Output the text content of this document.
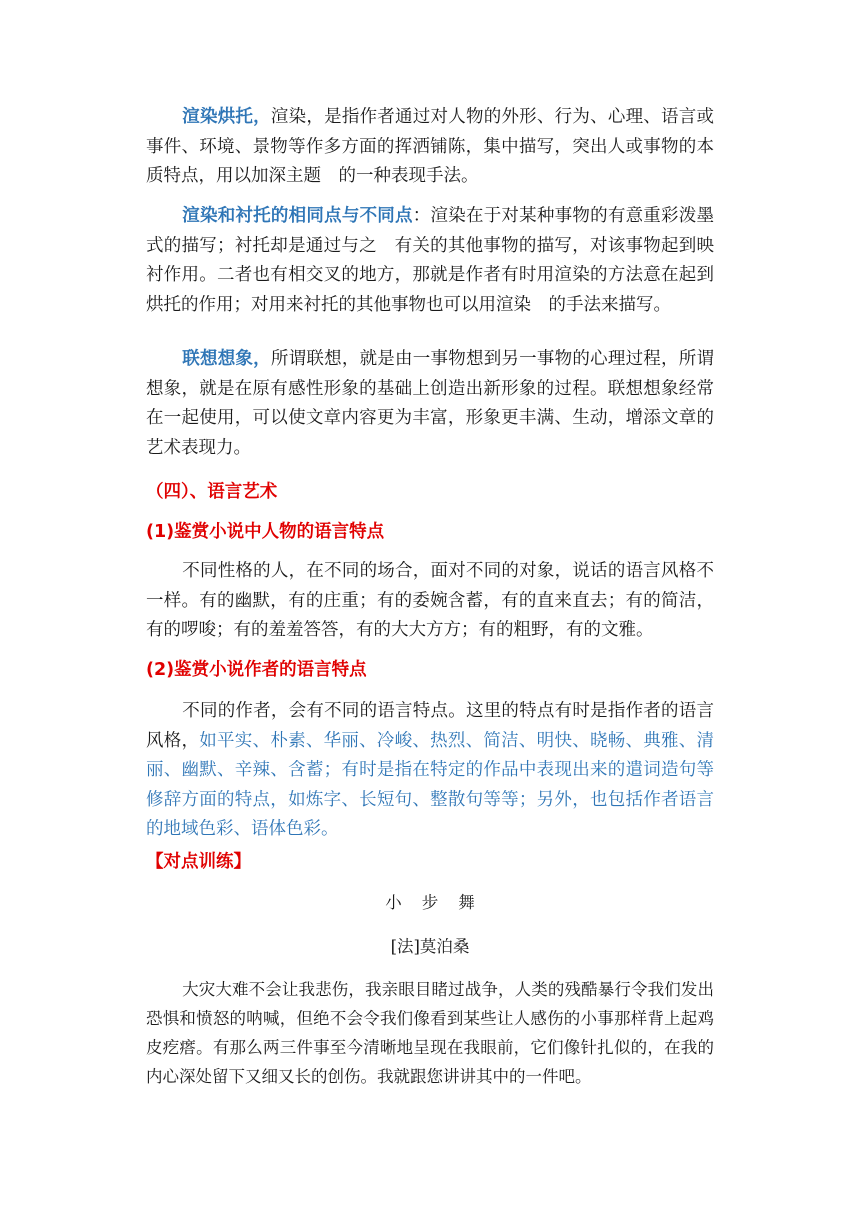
渲染烘托，渲染，是指作者通过对人物的外形、行为、心理、语言或事件、环境、景物等作多方面的挥洒铺陈，集中描写，突出人或事物的本质特点，用以加深主题　的一种表现手法。

渲染和衬托的相同点与不同点：渲染在于对某种事物的有意重彩泼墨式的描写；衬托却是通过与之　有关的其他事物的描写，对该事物起到映衬作用。二者也有相交叉的地方，那就是作者有时用渲染的方法意在起到烘托的作用；对用来衬托的其他事物也可以用渲染　的手法来描写。

联想想象，所谓联想，就是由一事物想到另一事物的心理过程，所谓想象，就是在原有感性形象的基础上创造出新形象的过程。联想想象经常在一起使用，可以使文章内容更为丰富，形象更丰满、生动，增添文章的艺术表现力。

（四）、语言艺术

(1)鉴赏小说中人物的语言特点

不同性格的人，在不同的场合，面对不同的对象，说话的语言风格不一样。有的幽默，有的庄重；有的委婉含蓄，有的直来直去；有的简洁，有的啰唆；有的羞羞答答，有的大大方方；有的粗野，有的文雅。

(2)鉴赏小说作者的语言特点

不同的作者，会有不同的语言特点。这里的特点有时是指作者的语言风格，如平实、朴素、华丽、冷峻、热烈、简洁、明快、晓畅、典雅、清丽、幽默、辛辣、含蓄；有时是指在特定的作品中表现出来的遣词造句等修辞方面的特点，如炼字、长短句、整散句等等；另外，也包括作者语言的地域色彩、语体色彩。

【对点训练】

小 步 舞

[法]莫泊桑

大灾大难不会让我悲伤，我亲眼目睹过战争，人类的残酷暴行令我们发出恐惧和愤怒的呐喊，但绝不会令我们像看到某些让人感伤的小事那样背上起鸡皮疙瘩。有那么两三件事至今清晰地呈现在我眼前，它们像针扎似的，在我的内心深处留下又细又长的创伤。我就跟您讲讲其中的一件吧。
